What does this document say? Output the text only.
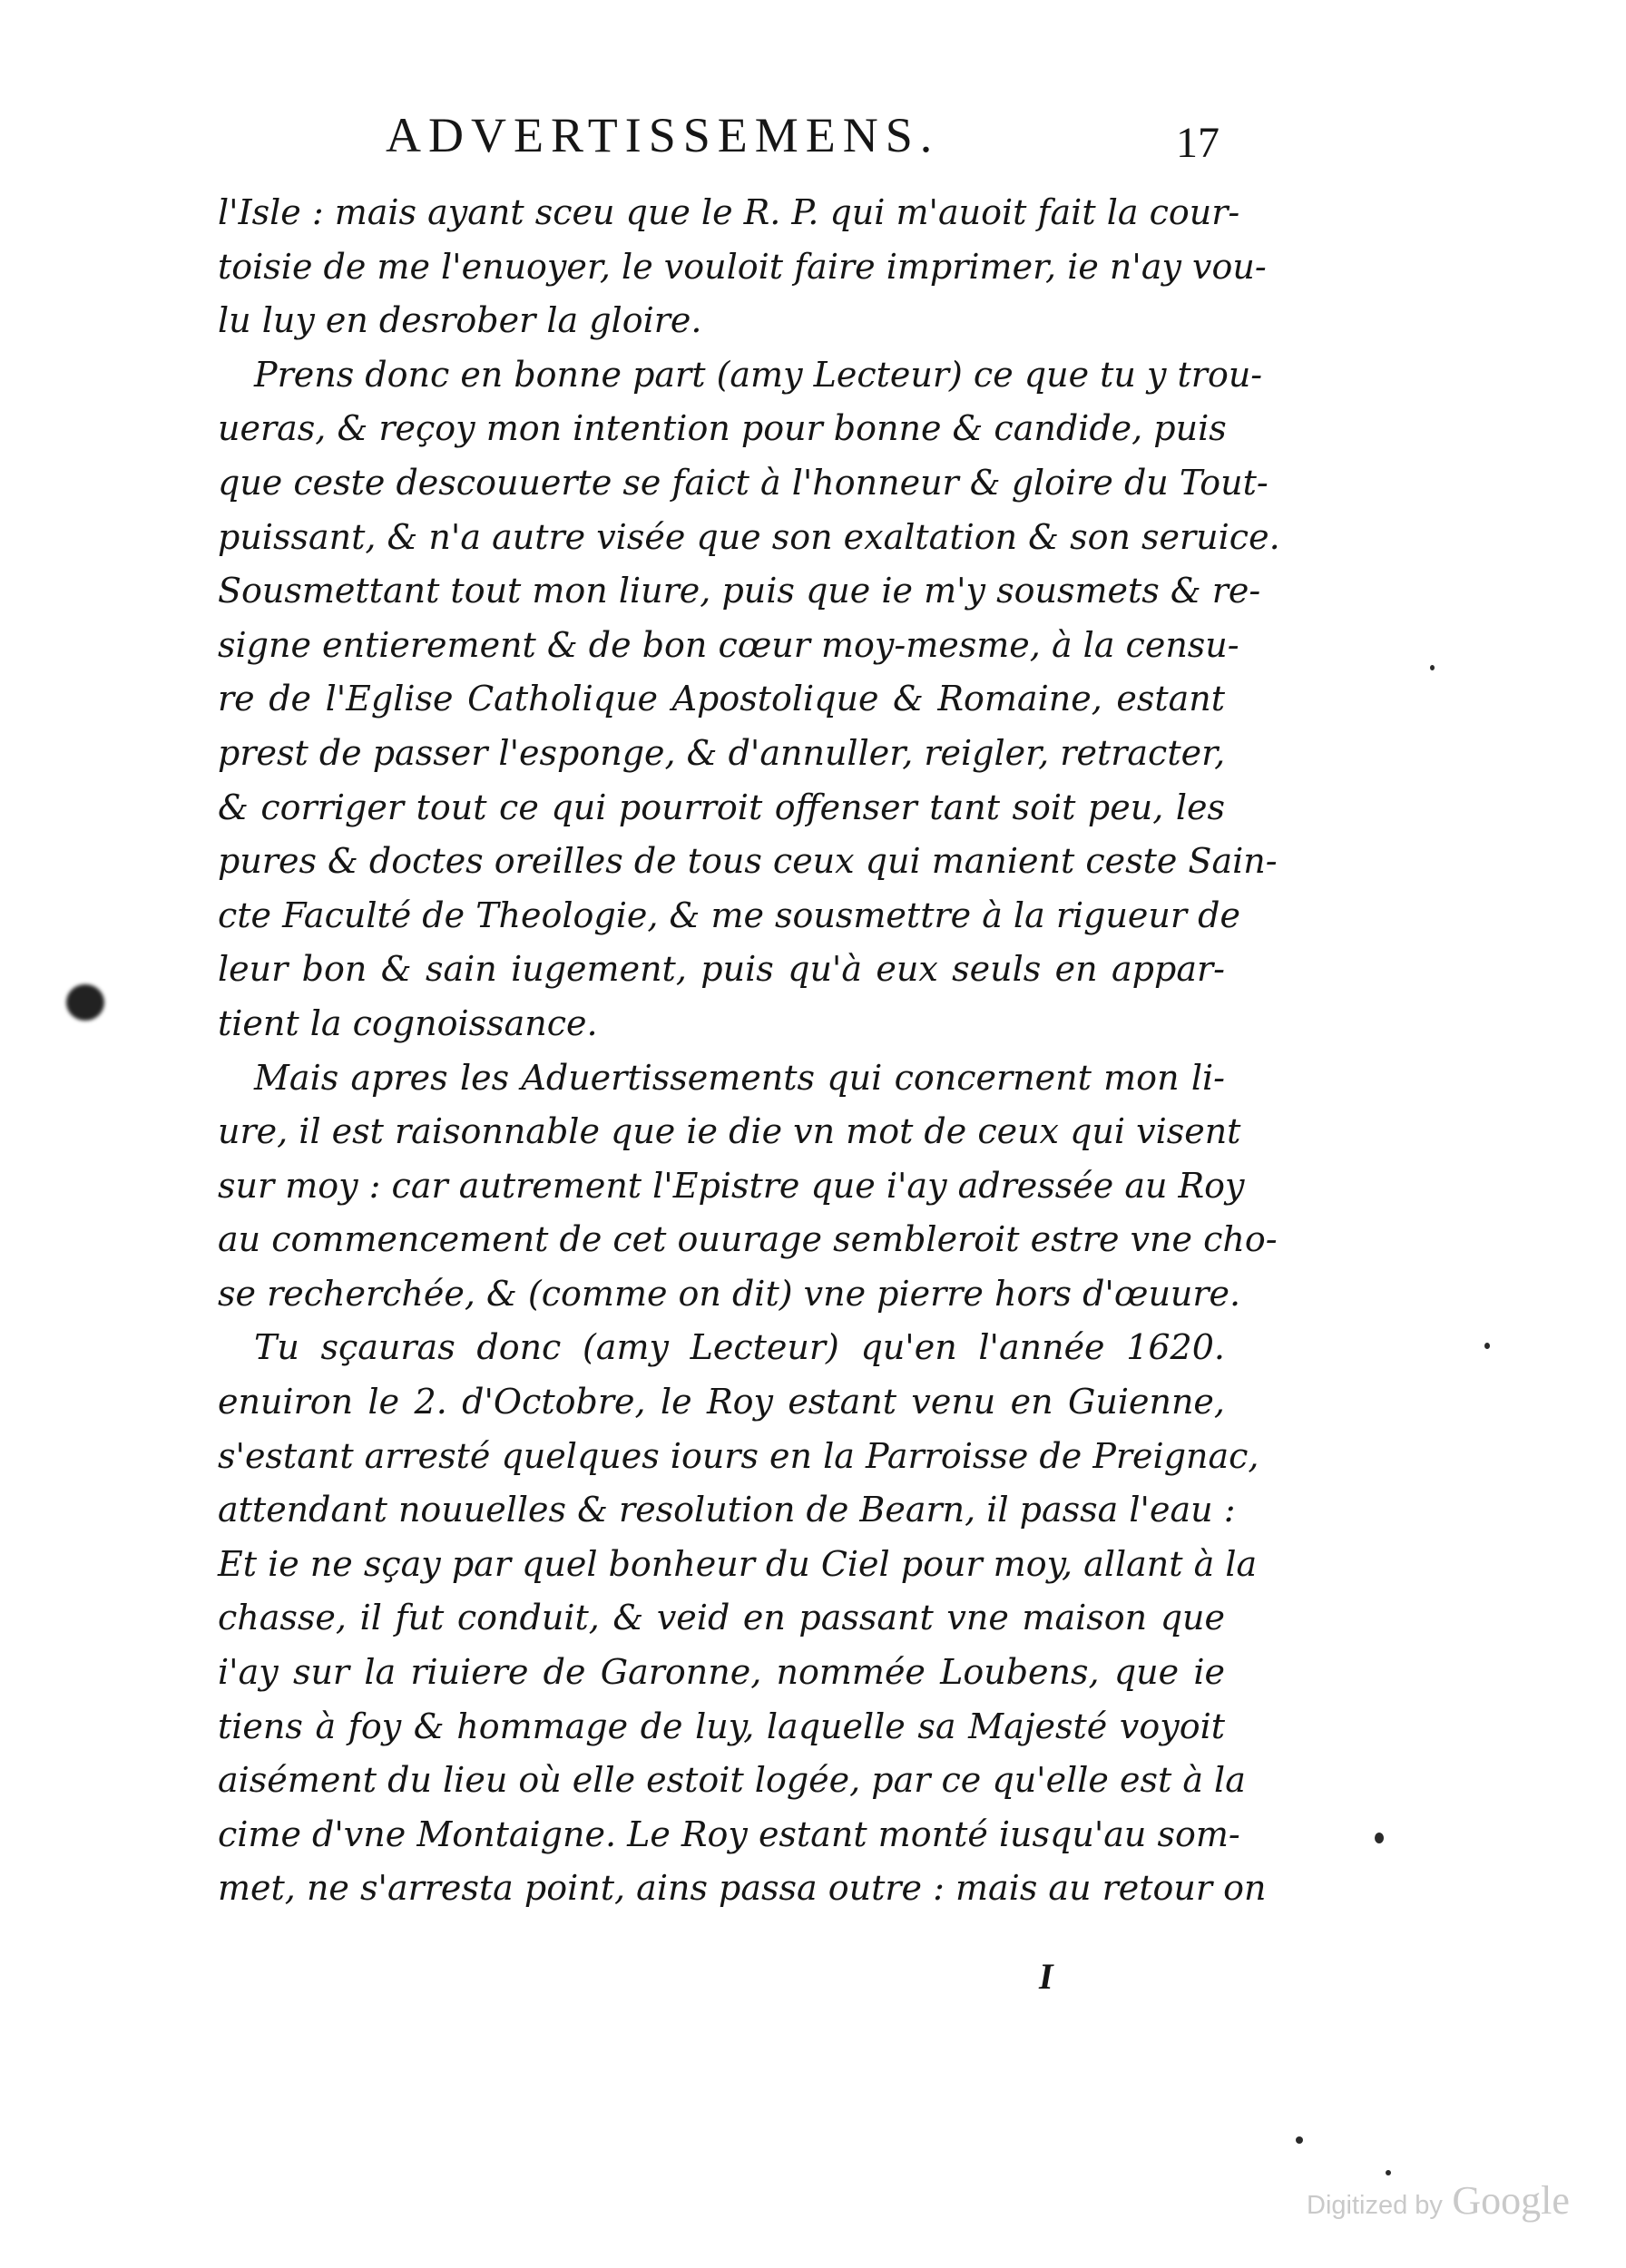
ADVERTISSEMENS.	17
l'Isle : mais ayant sceu que le R. P. qui m'auoit fait la cour-
toisie de me l'enuoyer, le vouloit faire imprimer, ie n'ay vou-
lu luy en desrober la gloire.
Prens donc en bonne part (amy Lecteur) ce que tu y trou-
ueras, & reçoy mon intention pour bonne & candide, puis
que ceste descouuerte se faict à l'honneur & gloire du Tout-
puissant, & n'a autre visée que son exaltation & son seruice.
Sousmettant tout mon liure, puis que ie m'y sousmets & re-
signe entierement & de bon cœur moy-mesme, à la censu-
re de l'Eglise Catholique Apostolique & Romaine, estant
prest de passer l'esponge, & d'annuller, reigler, retracter,
& corriger tout ce qui pourroit offenser tant soit peu, les
pures & doctes oreilles de tous ceux qui manient ceste Sain-
cte Faculté de Theologie, & me sousmettre à la rigueur de
leur bon & sain iugement, puis qu'à eux seuls en appar-
tient la cognoissance.
Mais apres les Aduertissements qui concernent mon li-
ure, il est raisonnable que ie die vn mot de ceux qui visent
sur moy : car autrement l'Epistre que i'ay adressée au Roy
au commencement de cet ouurage sembleroit estre vne cho-
se recherchée, & (comme on dit) vne pierre hors d'œuure.
Tu sçauras donc (amy Lecteur) qu'en l'année 1620.
enuiron le 2. d'Octobre, le Roy estant venu en Guienne,
s'estant arresté quelques iours en la Parroisse de Preignac,
attendant nouuelles & resolution de Bearn, il passa l'eau :
Et ie ne sçay par quel bonheur du Ciel pour moy, allant à la
chasse, il fut conduit, & veid en passant vne maison que
i'ay sur la riuiere de Garonne, nommée Loubens, que ie
tiens à foy & hommage de luy, laquelle sa Majesté voyoit
aisément du lieu où elle estoit logée, par ce qu'elle est à la
cime d'vne Montaigne. Le Roy estant monté iusqu'au som-
met, ne s'arresta point, ains passa outre : mais au retour on
I
Digitized by Google
